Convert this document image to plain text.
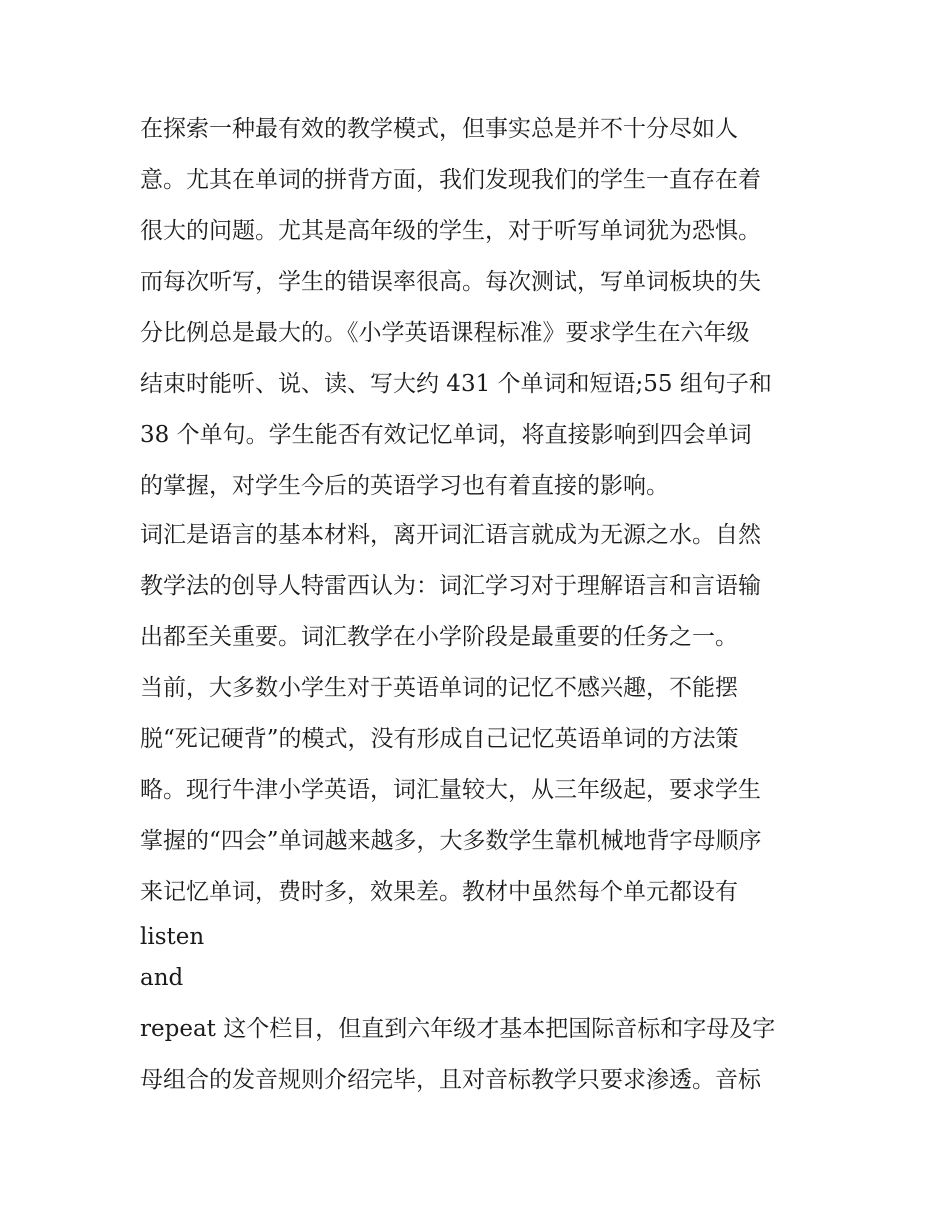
在探索一种最有效的教学模式，但事实总是并不十分尽如人
意。尤其在单词的拼背方面，我们发现我们的学生一直存在着
很大的问题。尤其是高年级的学生，对于听写单词犹为恐惧。
而每次听写，学生的错误率很高。每次测试，写单词板块的失
分比例总是最大的。《小学英语课程标准》要求学生在六年级
结束时能听、说、读、写大约 431 个单词和短语;55 组句子和
38 个单句。学生能否有效记忆单词，将直接影响到四会单词
的掌握，对学生今后的英语学习也有着直接的影响。
词汇是语言的基本材料，离开词汇语言就成为无源之水。自然
教学法的创导人特雷西认为：词汇学习对于理解语言和言语输
出都至关重要。词汇教学在小学阶段是最重要的任务之一。
当前，大多数小学生对于英语单词的记忆不感兴趣，不能摆
脱“死记硬背”的模式，没有形成自己记忆英语单词的方法策
略。现行牛津小学英语，词汇量较大，从三年级起，要求学生
掌握的“四会”单词越来越多，大多数学生靠机械地背字母顺序
来记忆单词，费时多，效果差。教材中虽然每个单元都设有
listen
and
repeat 这个栏目，但直到六年级才基本把国际音标和字母及字
母组合的发音规则介绍完毕，且对音标教学只要求渗透。音标
